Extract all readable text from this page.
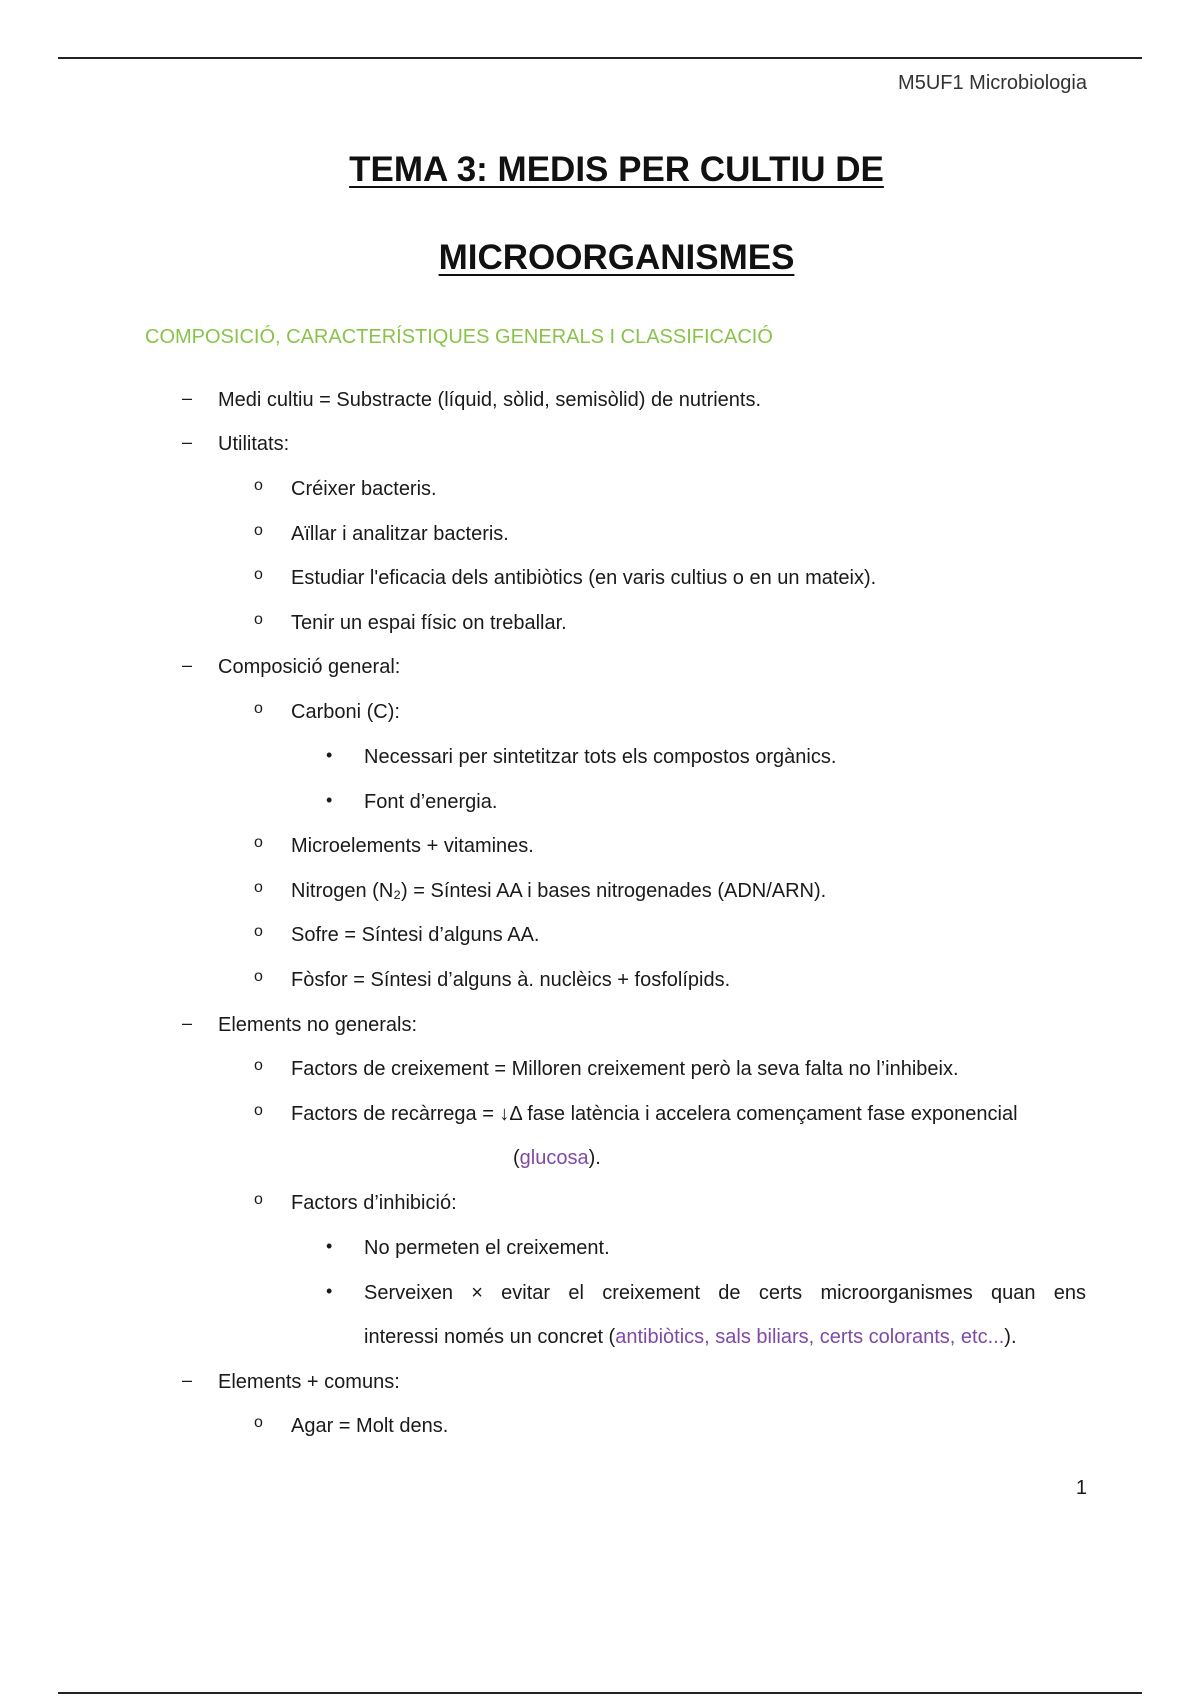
M5UF1 Microbiologia
TEMA 3: MEDIS PER CULTIU DE
MICROORGANISMES
COMPOSICIÓ, CARACTERÍSTIQUES GENERALS I CLASSIFICACIÓ
– Medi cultiu = Substracte (líquid, sòlid, semisòlid) de nutrients.
– Utilitats:
o Créixer bacteris.
o Aïllar i analitzar bacteris.
o Estudiar l'eficacia dels antibiòtics (en varis cultius o en un mateix).
o Tenir un espai físic on treballar.
– Composició general:
o Carboni (C):
• Necessari per sintetitzar tots els compostos orgànics.
• Font d’energia.
o Microelements + vitamines.
o Nitrogen (N₂) = Síntesi AA i bases nitrogenades (ADN/ARN).
o Sofre = Síntesi d’alguns AA.
o Fòsfor = Síntesi d’alguns à. nuclèics + fosfolípids.
– Elements no generals:
o Factors de creixement = Milloren creixement però la seva falta no l’inhibeix.
o Factors de recàrrega = ↓Δ fase latència i accelera començament fase exponencial
(glucosa).
o Factors d’inhibició:
• No permeten el creixement.
• Serveixen × evitar el creixement de certs microorganismes quan ens
interessi només un concret (antibiòtics, sals biliars, certs colorants, etc...).
– Elements + comuns:
o Agar = Molt dens.
1
